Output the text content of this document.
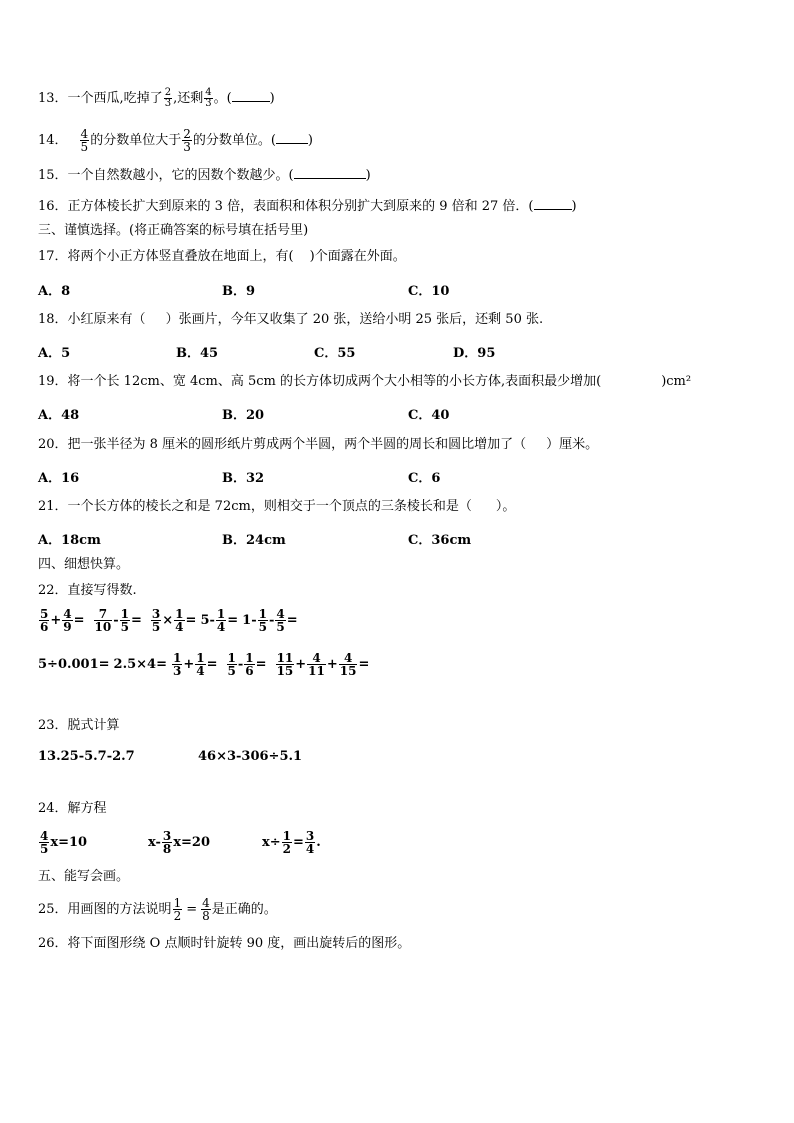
13．一个西瓜,吃掉了 $\frac{2}{3}$ ,还剩 $\frac{4}{3}$ 。(	)
14． $\frac{4}{5}$ 的分数单位大于 $\frac{2}{3}$ 的分数单位。( )
15．一个自然数越小，它的因数个数越少。(	)
16．正方体棱长扩大到原来的 3 倍，表面积和体积分别扩大到原来的 9 倍和 27 倍．(	)
三、谨慎选择。(将正确答案的标号填在括号里)
17．将两个小正方体竖直叠放在地面上，有( )个面露在外面。
A．8	B．9	C．10
18．小红原来有（ ）张画片，今年又收集了 20 张，送给小明 25 张后，还剩 50 张.
A．5	B．45	C．55	D．95
19．将一个长 12cm、宽 4cm、高 5cm 的长方体切成两个大小相等的小长方体,表面积最少增加(	)cm²
A．48	B．20	C．40
20．把一张半径为 8 厘米的圆形纸片剪成两个半圆，两个半圆的周长和圆比增加了（ ）厘米。
A．16	B．32	C．6
21．一个长方体的棱长之和是 72cm，则相交于一个顶点的三条棱长和是（ ）。
A．18cm	B．24cm	C．36cm
四、细想快算。
22．直接写得数.
$\frac{5}{6} + \frac{4}{9} = \frac{7}{10} - \frac{1}{5} = \frac{3}{5} \times \frac{1}{4} = 5- \frac{1}{4} = 1- \frac{1}{5} - \frac{4}{5}$ =
$5\div 0.001= 2.5\times 4= \frac{1}{3} + \frac{1}{4} = \frac{1}{5} - \frac{1}{6} = \frac{11}{15} + \frac{4}{11} + \frac{4}{15}$ =
23．脱式计算
13.25-5.7-2.7	46×3-306÷5.1
24．解方程
$\frac{4}{5} x=10$	$x- \frac{3}{8} x=20$	$x\div \frac{1}{2} = \frac{3}{4}$ .
五、能写会画。
25．用画图的方法说明 $\frac{1}{2} = \frac{4}{8}$ 是正确的。
26．将下面图形绕 O 点顺时针旋转 90 度，画出旋转后的图形。
